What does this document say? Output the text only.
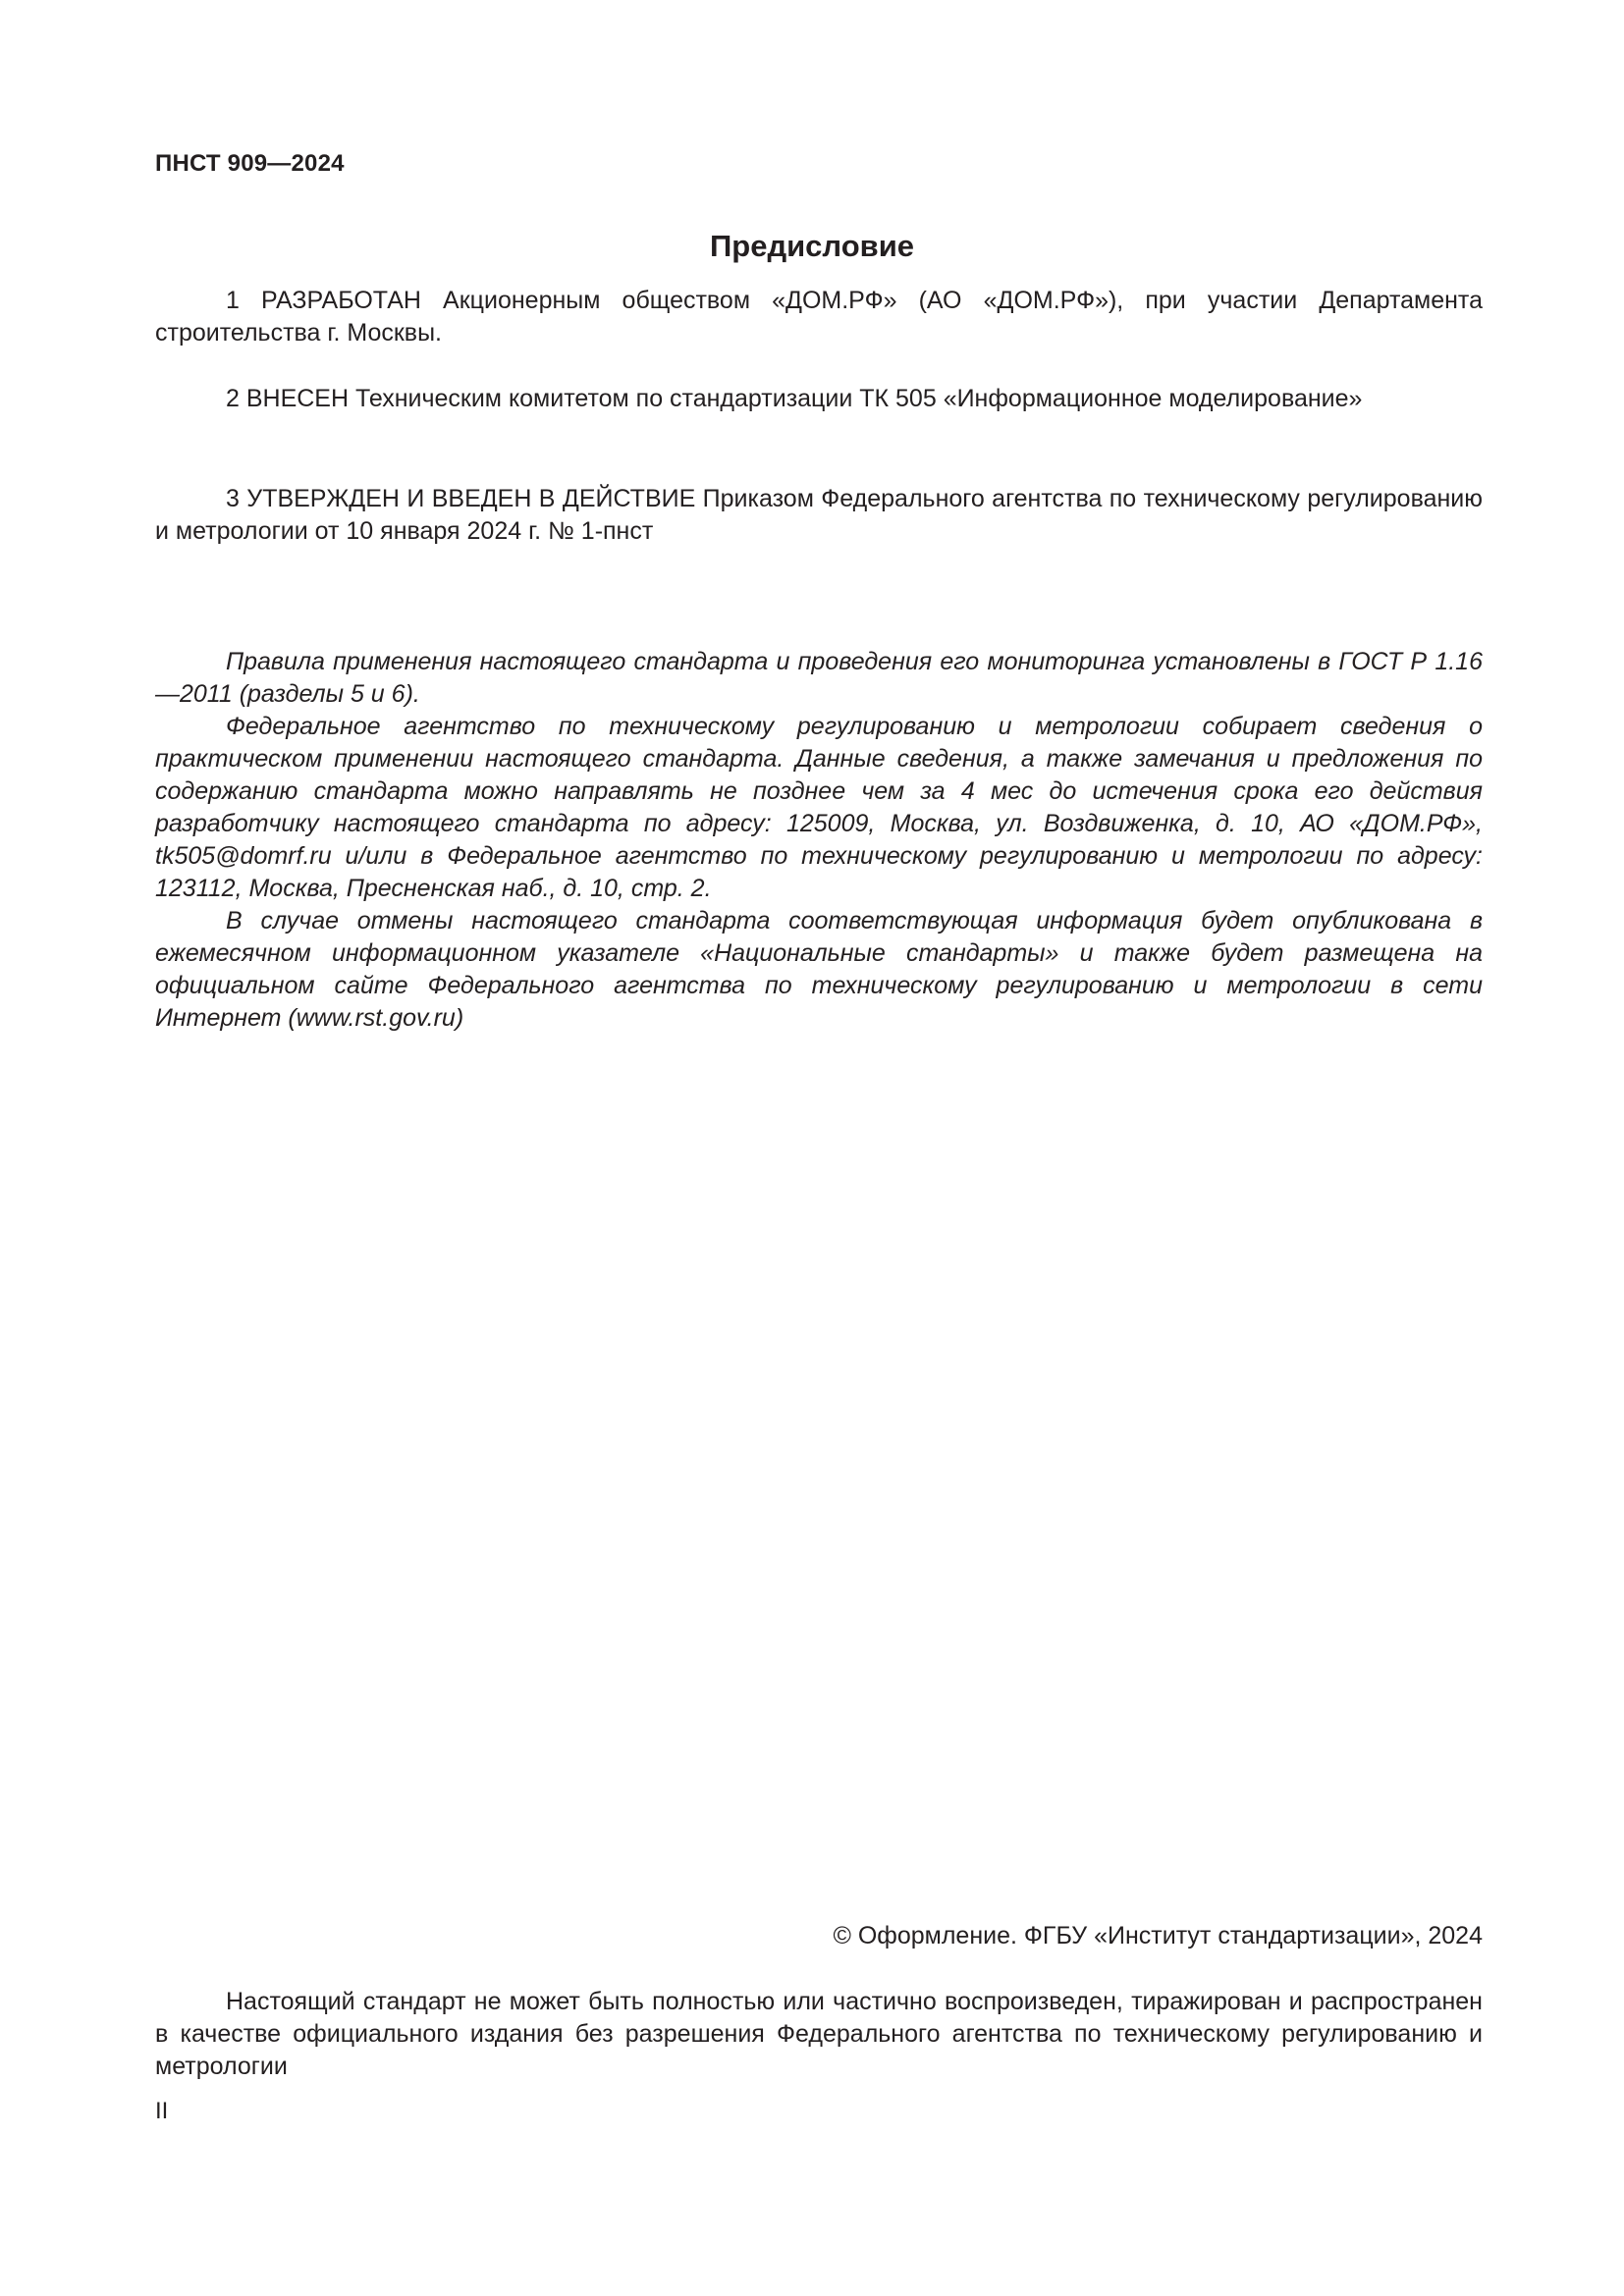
ПНСТ 909—2024
Предисловие

1 РАЗРАБОТАН Акционерным обществом «ДОМ.РФ» (АО «ДОМ.РФ»), при участии Департамента строительства г. Москвы.

2 ВНЕСЕН Техническим комитетом по стандартизации ТК 505 «Информационное моделирование»

3 УТВЕРЖДЕН И ВВЕДЕН В ДЕЙСТВИЕ Приказом Федерального агентства по техническому регулированию и метрологии от 10 января 2024 г. № 1-пнст

Правила применения настоящего стандарта и проведения его мониторинга установлены в ГОСТ Р 1.16—2011 (разделы 5 и 6).

Федеральное агентство по техническому регулированию и метрологии собирает сведения о практическом применении настоящего стандарта. Данные сведения, а также замечания и предложения по содержанию стандарта можно направлять не позднее чем за 4 мес до истечения срока его действия разработчику настоящего стандарта по адресу: 125009, Москва, ул. Воздвиженка, д. 10, АО «ДОМ.РФ», tk505@domrf.ru и/или в Федеральное агентство по техническому регулированию и метрологии по адресу: 123112, Москва, Пресненская наб., д. 10, стр. 2.

В случае отмены настоящего стандарта соответствующая информация будет опубликована в ежемесячном информационном указателе «Национальные стандарты» и также будет размещена на официальном сайте Федерального агентства по техническому регулированию и метрологии в сети Интернет (www.rst.gov.ru)

© Оформление. ФГБУ «Институт стандартизации», 2024

Настоящий стандарт не может быть полностью или частично воспроизведен, тиражирован и распространен в качестве официального издания без разрешения Федерального агентства по техническому регулированию и метрологии

II
